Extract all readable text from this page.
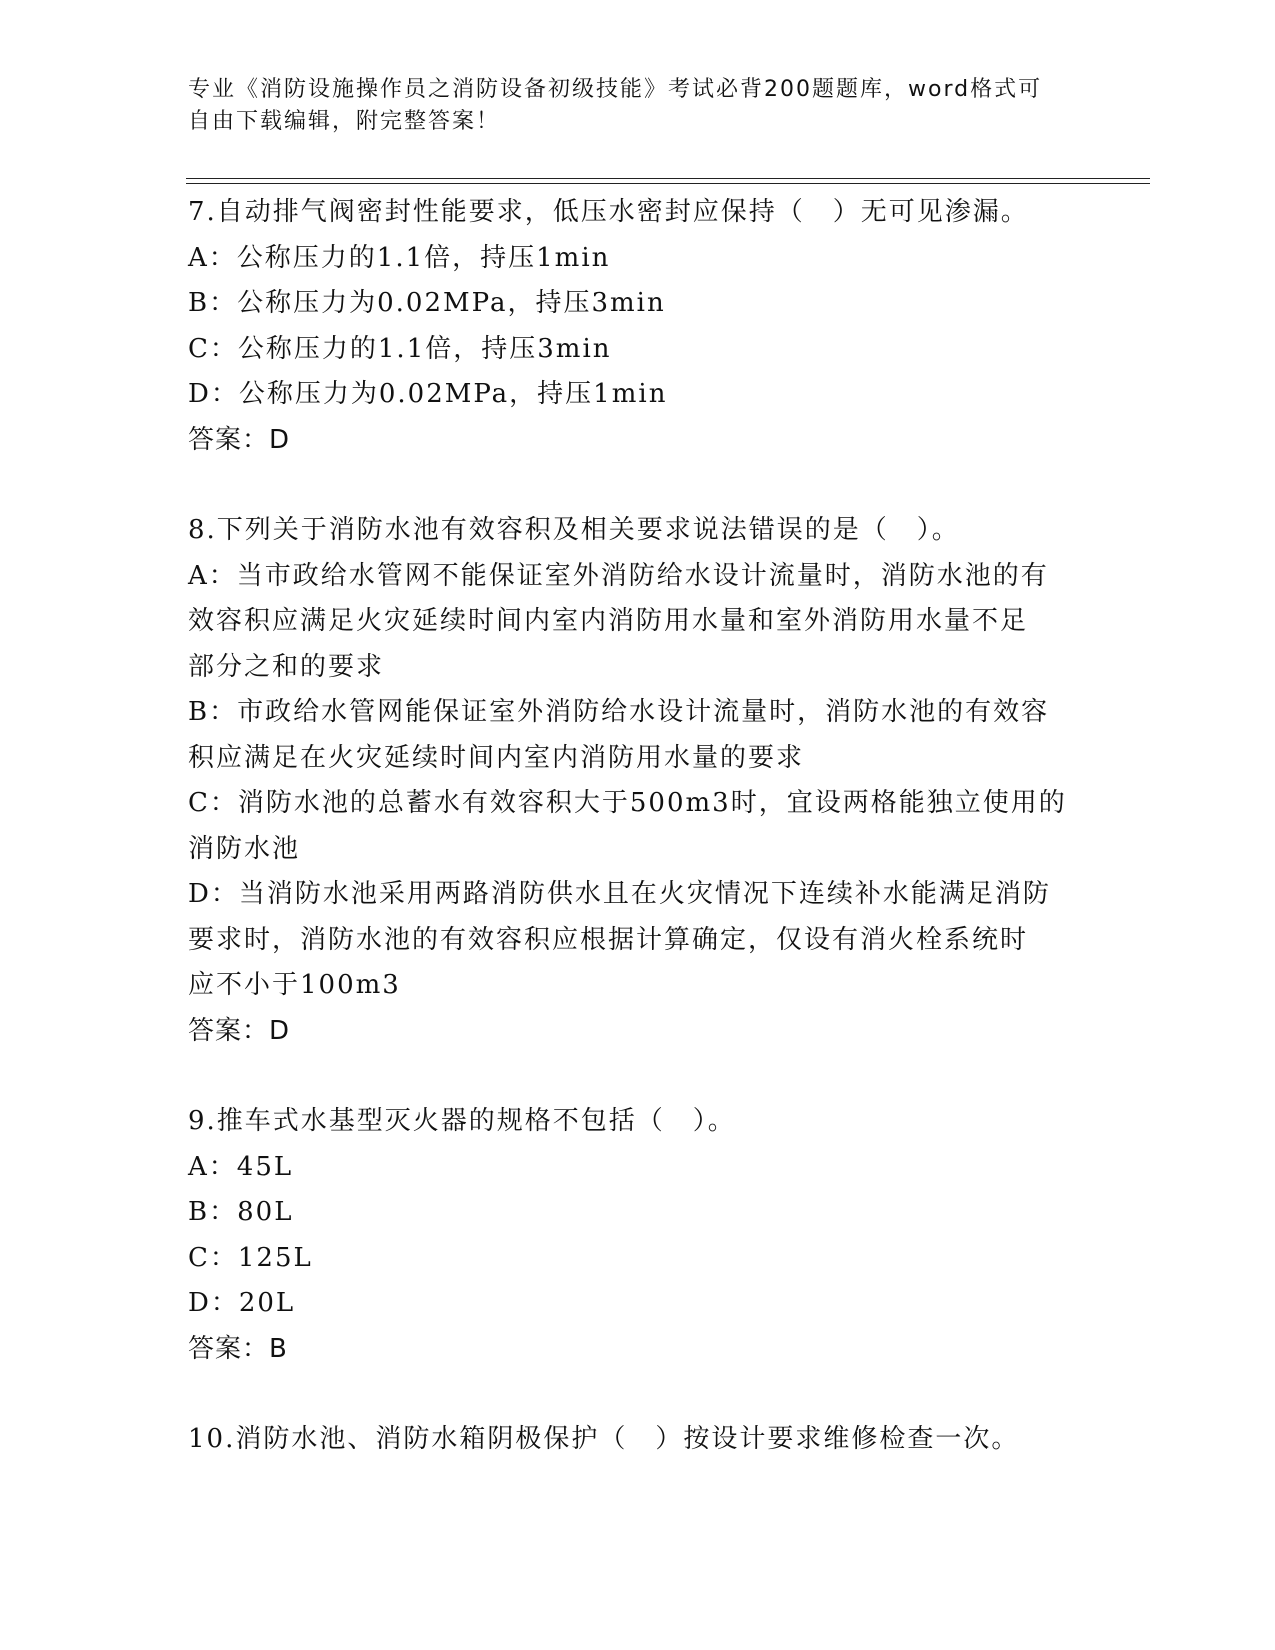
专业《消防设施操作员之消防设备初级技能》考试必背200题题库，word格式可
自由下载编辑，附完整答案！
7.自动排气阀密封性能要求，低压水密封应保持（　）无可见渗漏。
A：公称压力的1.1倍，持压1min
B：公称压力为0.02MPa，持压3min
C：公称压力的1.1倍，持压3min
D：公称压力为0.02MPa，持压1min
答案：D
8.下列关于消防水池有效容积及相关要求说法错误的是（　）。
A：当市政给水管网不能保证室外消防给水设计流量时，消防水池的有
效容积应满足火灾延续时间内室内消防用水量和室外消防用水量不足
部分之和的要求
B：市政给水管网能保证室外消防给水设计流量时，消防水池的有效容
积应满足在火灾延续时间内室内消防用水量的要求
C：消防水池的总蓄水有效容积大于500m3时，宜设两格能独立使用的
消防水池
D：当消防水池采用两路消防供水且在火灾情况下连续补水能满足消防
要求时，消防水池的有效容积应根据计算确定，仅设有消火栓系统时
应不小于100m3
答案：D
9.推车式水基型灭火器的规格不包括（　）。
A：45L
B：80L
C：125L
D：20L
答案：B
10.消防水池、消防水箱阴极保护（　）按设计要求维修检查一次。
